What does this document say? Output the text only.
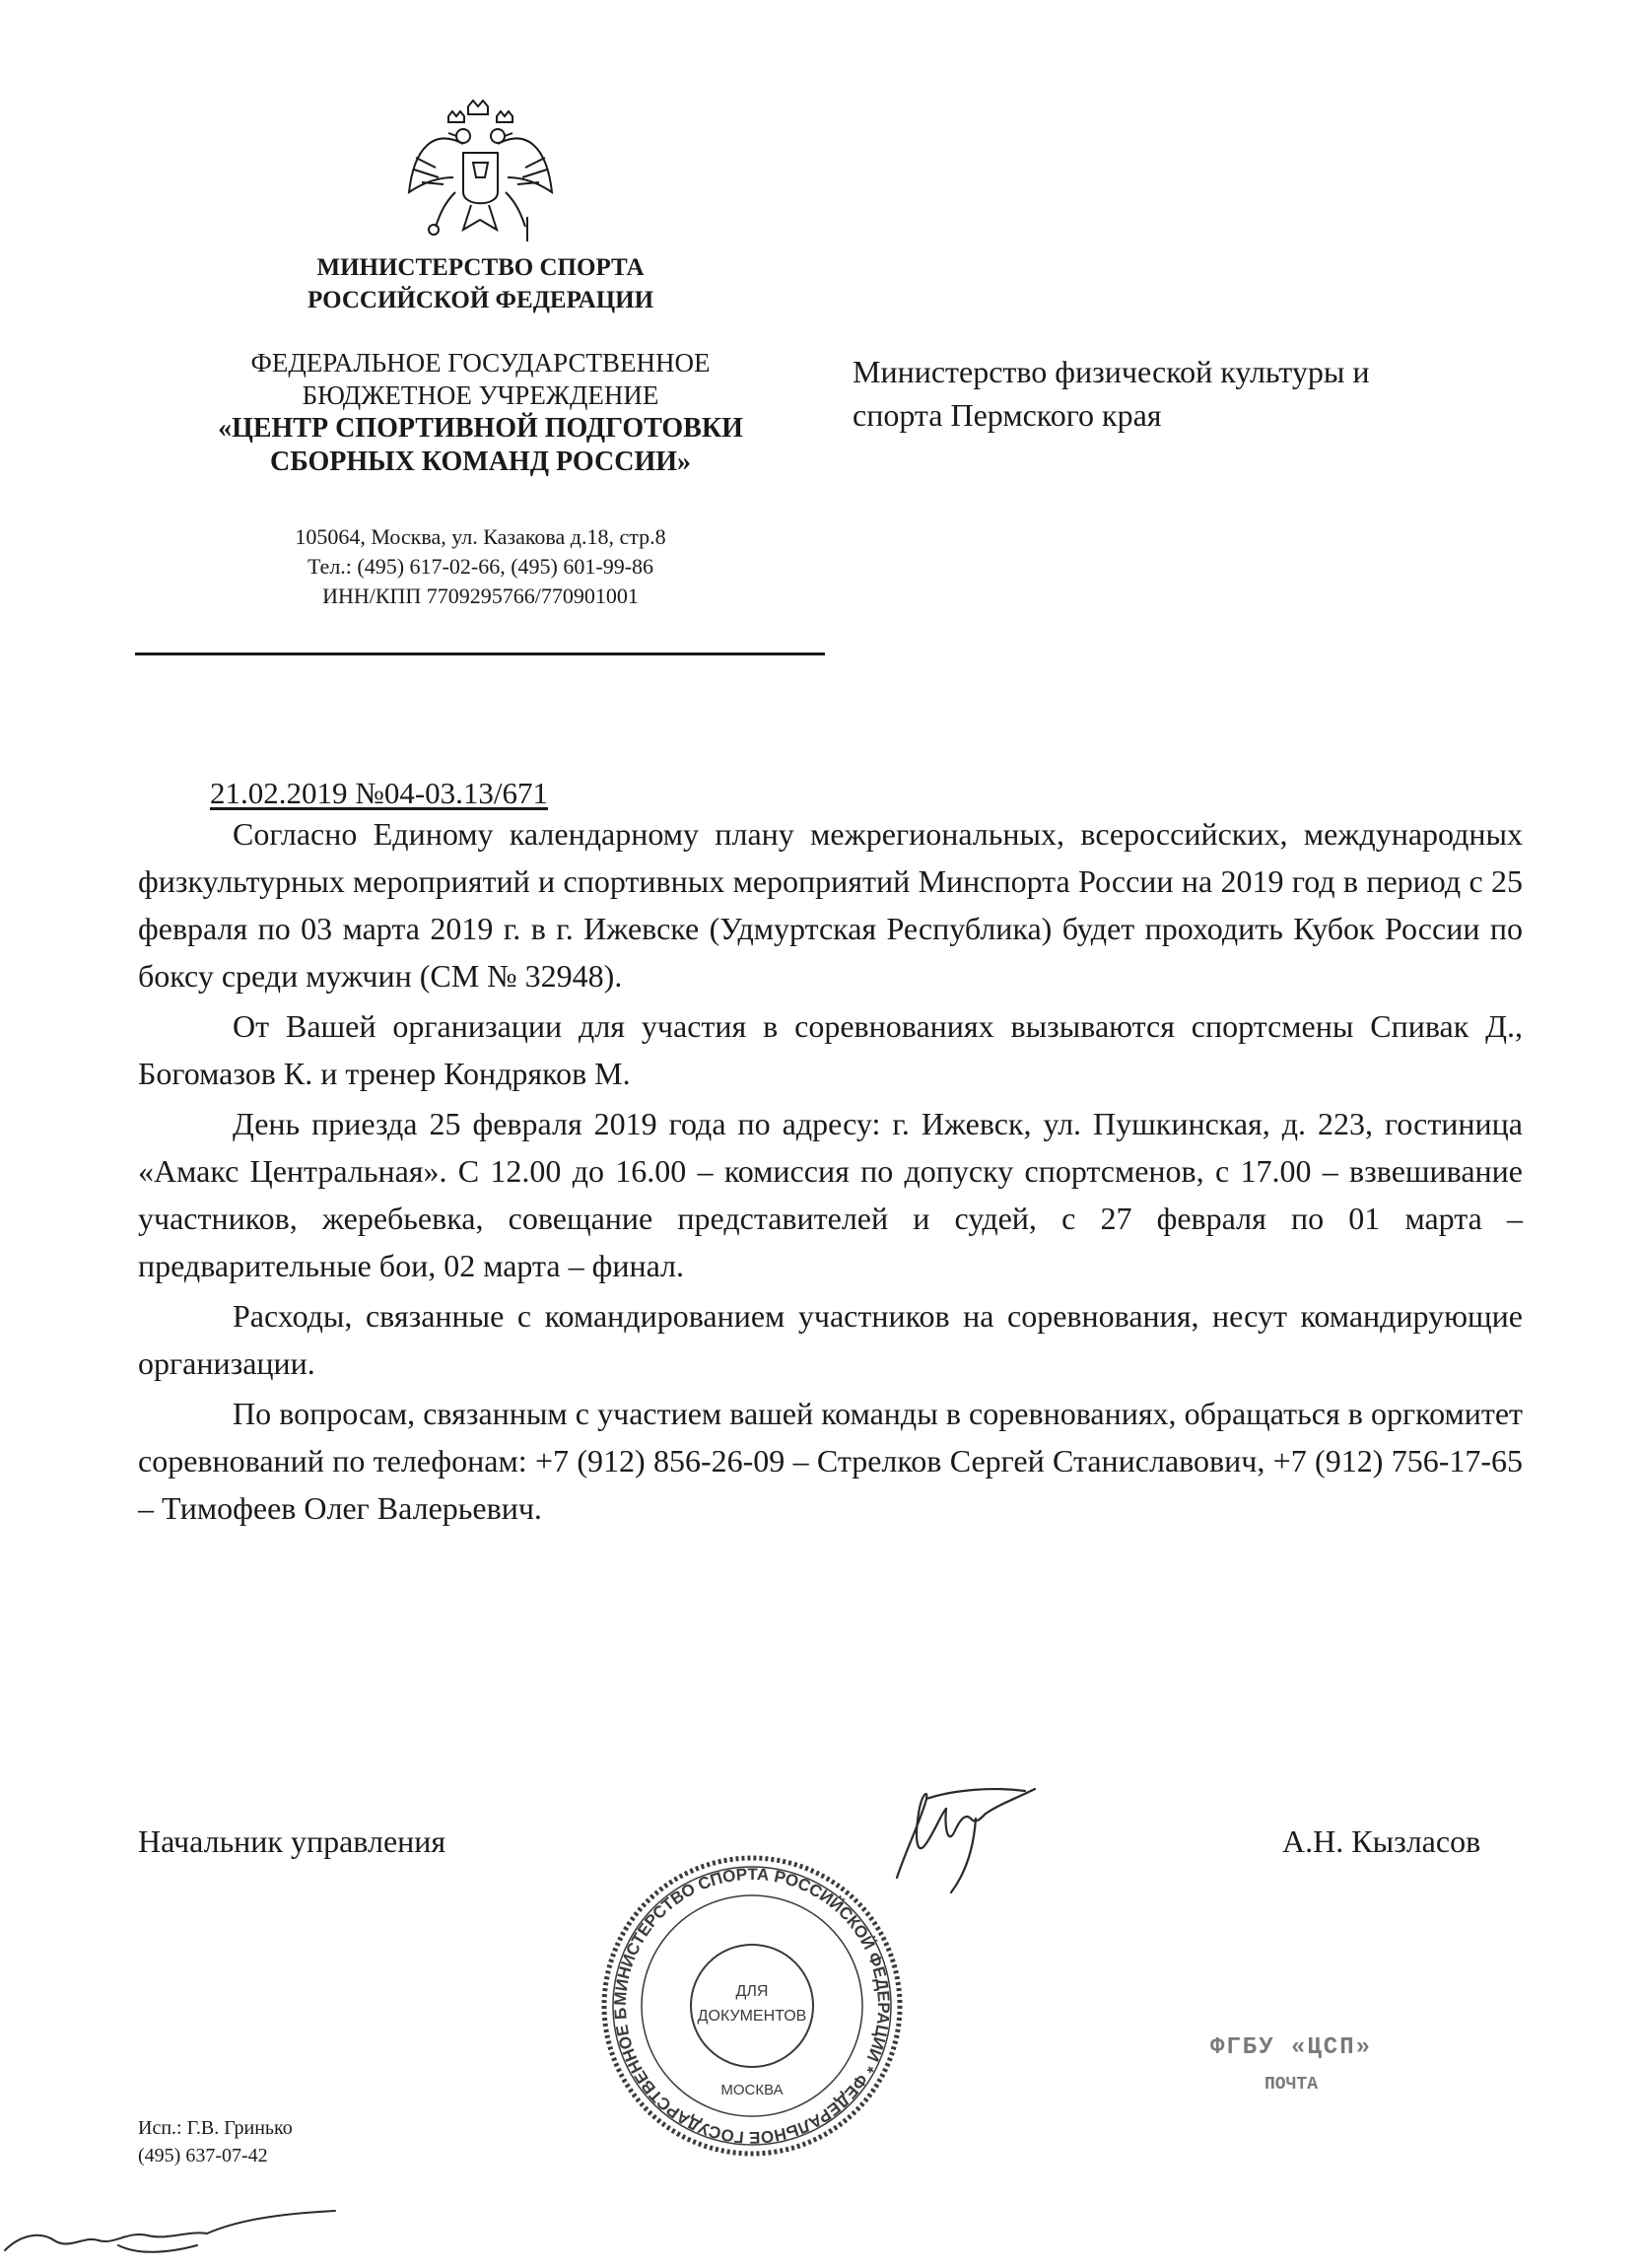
МИНИСТЕРСТВО СПОРТА
РОССИЙСКОЙ ФЕДЕРАЦИИ
ФЕДЕРАЛЬНОЕ ГОСУДАРСТВЕННОЕ
БЮДЖЕТНОЕ УЧРЕЖДЕНИЕ
«ЦЕНТР СПОРТИВНОЙ ПОДГОТОВКИ
СБОРНЫХ КОМАНД РОССИИ»
105064, Москва, ул. Казакова д.18, стр.8
Тел.: (495) 617-02-66, (495) 601-99-86
ИНН/КПП 7709295766/770901001
Министерство физической культуры и
спорта Пермского края
21.02.2019 №04-03.13/671

Согласно Единому календарному плану межрегиональных, всероссийских, международных физкультурных мероприятий и спортивных мероприятий Минспорта России на 2019 год в период с 25 февраля по 03 марта 2019 г. в г. Ижевске (Удмуртская Республика) будет проходить Кубок России по боксу среди мужчин (СМ № 32948).

От Вашей организации для участия в соревнованиях вызываются спортсмены Спивак Д., Богомазов К. и тренер Кондряков М.

День приезда 25 февраля 2019 года по адресу: г. Ижевск, ул. Пушкинская, д. 223, гостиница «Амакс Центральная». С 12.00 до 16.00 – комиссия по допуску спортсменов, с 17.00 – взвешивание участников, жеребьевка, совещание представителей и судей, с 27 февраля по 01 марта – предварительные бои, 02 марта – финал.

Расходы, связанные с командированием участников на соревнования, несут командирующие организации.

По вопросам, связанным с участием вашей команды в соревнованиях, обращаться в оргкомитет соревнований по телефонам: +7 (912) 856-26-09 – Стрелков Сергей Станиславович, +7 (912) 756-17-65 – Тимофеев Олег Валерьевич.

Начальник управления	А.Н. Кызласов
МИНИСТЕРСТВО СПОРТА РОССИЙСКОЙ ФЕДЕРАЦИИ * ФЕДЕРАЛЬНОЕ ГОСУДАРСТВЕННОЕ Б
ДЛЯ
ДОКУМЕНТОВ
МОСКВА
ФГБУ «ЦСП»
ПОЧТА
Исп.: Г.В. Гринько
(495) 637-07-42
